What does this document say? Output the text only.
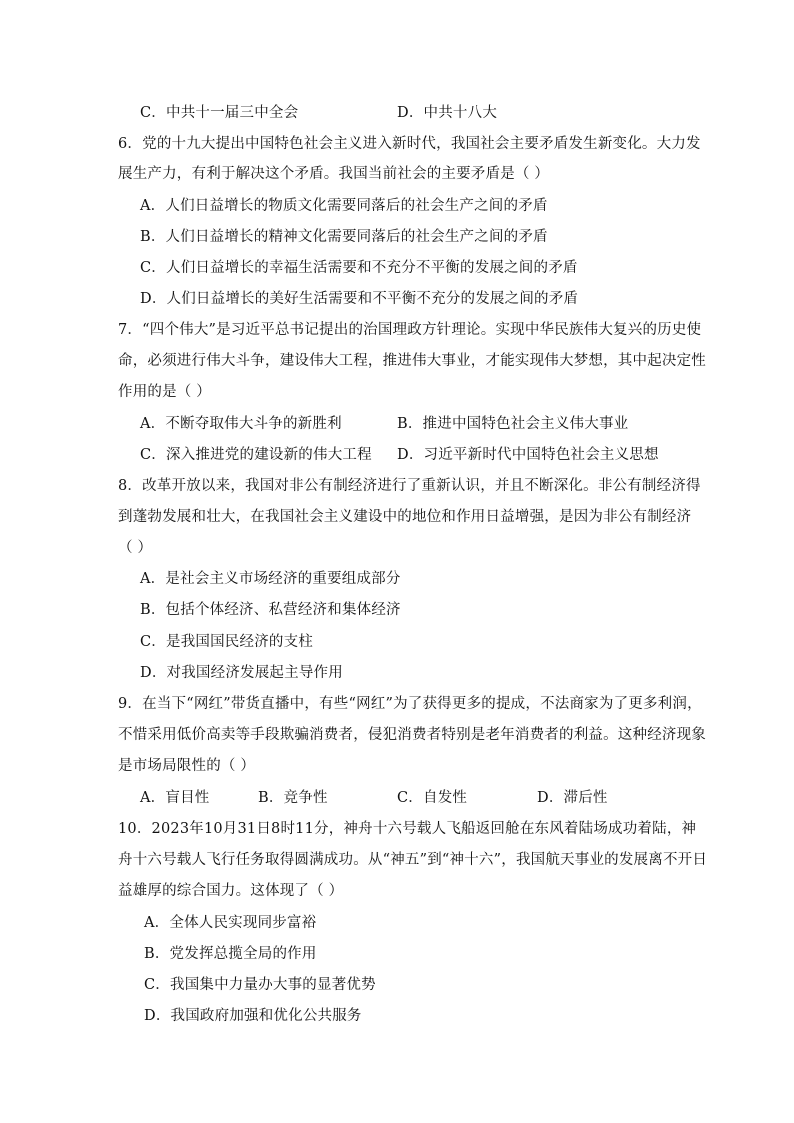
C．中共十一届三中全会	D．中共十八大
6．党的十九大提出中国特色社会主义进入新时代，我国社会主要矛盾发生新变化。大力发
展生产力，有利于解决这个矛盾。我国当前社会的主要矛盾是（ ）
A．人们日益增长的物质文化需要同落后的社会生产之间的矛盾
B．人们日益增长的精神文化需要同落后的社会生产之间的矛盾
C．人们日益增长的幸福生活需要和不充分不平衡的发展之间的矛盾
D．人们日益增长的美好生活需要和不平衡不充分的发展之间的矛盾
7．“四个伟大”是习近平总书记提出的治国理政方针理论。实现中华民族伟大复兴的历史使
命，必须进行伟大斗争，建设伟大工程，推进伟大事业，才能实现伟大梦想，其中起决定性
作用的是（ ）
A．不断夺取伟大斗争的新胜利	B．推进中国特色社会主义伟大事业
C．深入推进党的建设新的伟大工程 D．习近平新时代中国特色社会主义思想
8．改革开放以来，我国对非公有制经济进行了重新认识，并且不断深化。非公有制经济得
到蓬勃发展和壮大，在我国社会主义建设中的地位和作用日益增强，是因为非公有制经济
（ ）
A．是社会主义市场经济的重要组成部分
B．包括个体经济、私营经济和集体经济
C．是我国国民经济的支柱
D．对我国经济发展起主导作用
9．在当下“网红”带货直播中，有些“网红”为了获得更多的提成，不法商家为了更多利润，
不惜采用低价高卖等手段欺骗消费者，侵犯消费者特别是老年消费者的利益。这种经济现象
是市场局限性的（ ）
A．盲目性	B．竞争性	C．自发性	D．滞后性
10．2023年10月31日8时11分，神舟十六号载人飞船返回舱在东风着陆场成功着陆，神
舟十六号载人飞行任务取得圆满成功。从“神五”到“神十六”，我国航天事业的发展离不开日
益雄厚的综合国力。这体现了（ ）
A．全体人民实现同步富裕
B．党发挥总揽全局的作用
C．我国集中力量办大事的显著优势
D．我国政府加强和优化公共服务
